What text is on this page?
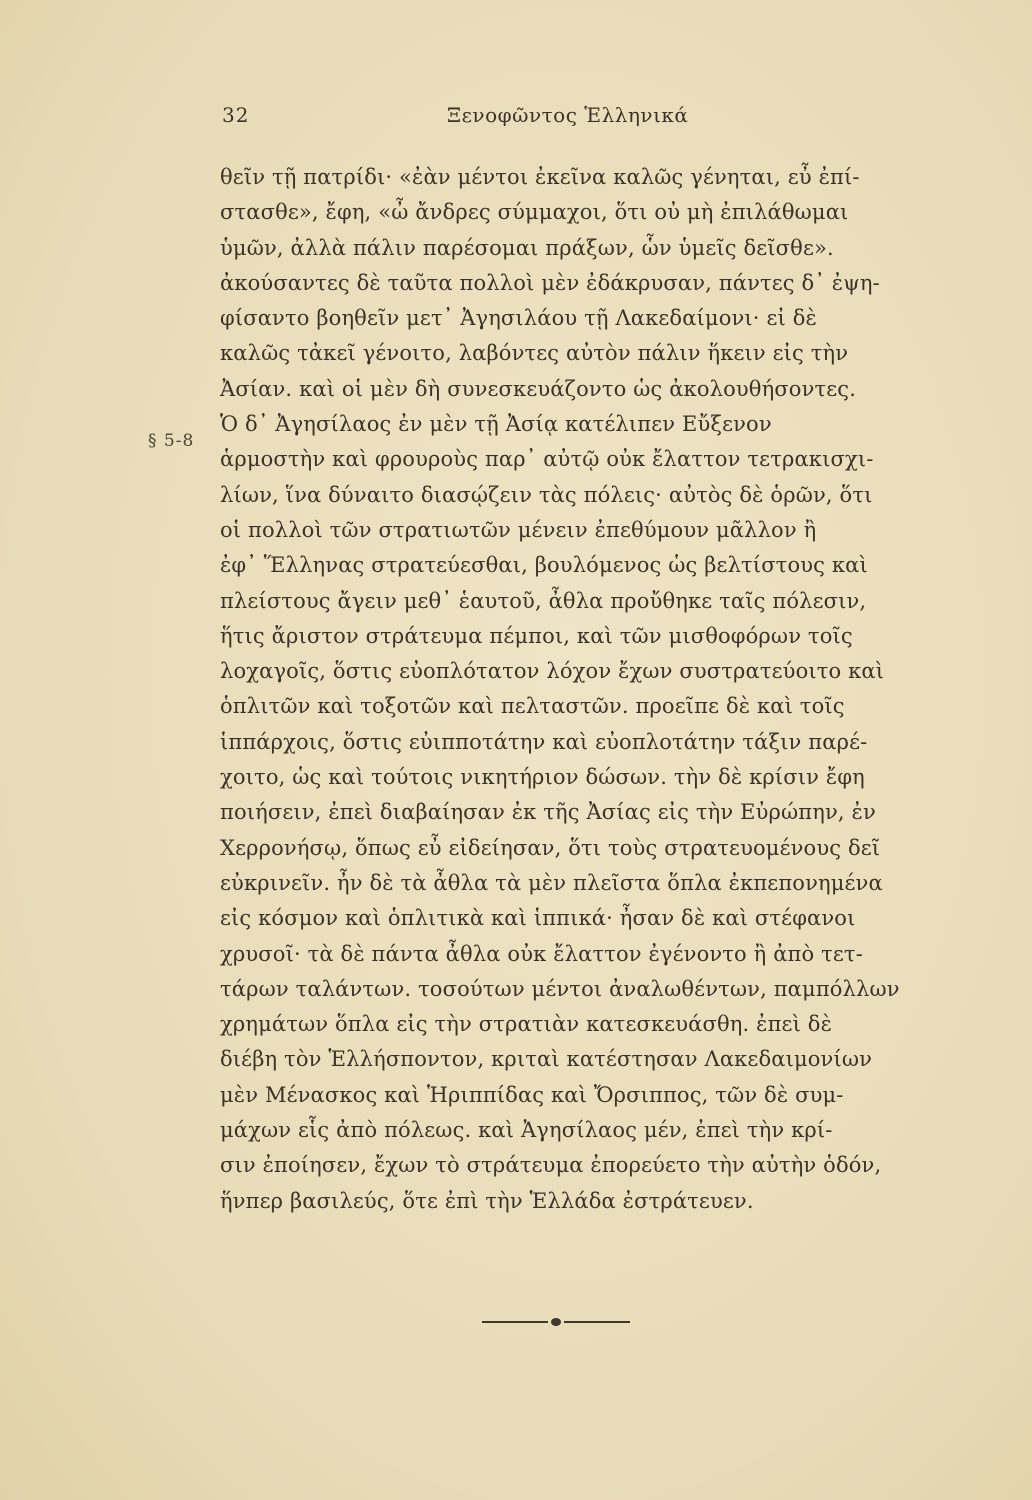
32	Ξενοφῶντος Ἑλληνικά
§ 5-8
θεῖν τῇ πατρίδι· «ἐὰν μέντοι ἐκεῖνα καλῶς γένηται, εὖ ἐπί-
στασθε», ἔφη, «ὦ ἄνδρες σύμμαχοι, ὅτι οὐ μὴ ἐπιλάθωμαι
ὑμῶν, ἀλλὰ πάλιν παρέσομαι πράξων, ὧν ὑμεῖς δεῖσθε».
ἀκούσαντες δὲ ταῦτα πολλοὶ μὲν ἐδάκρυσαν, πάντες δ᾽ ἐψη-
φίσαντο βοηθεῖν μετ᾽ Ἀγησιλάου τῇ Λακεδαίμονι· εἰ δὲ
καλῶς τἀκεῖ γένοιτο, λαβόντες αὐτὸν πάλιν ἥκειν εἰς τὴν
Ἀσίαν. καὶ οἱ μὲν δὴ συνεσκευάζοντο ὡς ἀκολουθήσοντες.
Ὁ δ᾽ Ἀγησίλαος ἐν μὲν τῇ Ἀσίᾳ κατέλιπεν Εὔξενον
ἁρμοστὴν καὶ φρουροὺς παρ᾽ αὐτῷ οὐκ ἔλαττον τετρακισχι-
λίων, ἵνα δύναιτο διασῴζειν τὰς πόλεις· αὐτὸς δὲ ὁρῶν, ὅτι
οἱ πολλοὶ τῶν στρατιωτῶν μένειν ἐπεθύμουν μᾶλλον ἢ
ἐφ᾽ Ἕλληνας στρατεύεσθαι, βουλόμενος ὡς βελτίστους καὶ
πλείστους ἄγειν μεθ᾽ ἑαυτοῦ, ἆθλα προὔθηκε ταῖς πόλεσιν,
ἥτις ἄριστον στράτευμα πέμποι, καὶ τῶν μισθοφόρων τοῖς
λοχαγοῖς, ὅστις εὐοπλότατον λόχον ἔχων συστρατεύοιτο καὶ
ὁπλιτῶν καὶ τοξοτῶν καὶ πελταστῶν. προεῖπε δὲ καὶ τοῖς
ἱππάρχοις, ὅστις εὐιπποτάτην καὶ εὐοπλοτάτην τάξιν παρέ-
χοιτο, ὡς καὶ τούτοις νικητήριον δώσων. τὴν δὲ κρίσιν ἔφη
ποιήσειν, ἐπεὶ διαβαίησαν ἐκ τῆς Ἀσίας εἰς τὴν Εὐρώπην, ἐν
Χερρονήσῳ, ὅπως εὖ εἰδείησαν, ὅτι τοὺς στρατευομένους δεῖ
εὐκρινεῖν. ἦν δὲ τὰ ἆθλα τὰ μὲν πλεῖστα ὅπλα ἐκπεπονημένα
εἰς κόσμον καὶ ὁπλιτικὰ καὶ ἱππικά· ἦσαν δὲ καὶ στέφανοι
χρυσοῖ· τὰ δὲ πάντα ἆθλα οὐκ ἔλαττον ἐγένοντο ἢ ἀπὸ τετ-
τάρων ταλάντων. τοσούτων μέντοι ἀναλωθέντων, παμπόλλων
χρημάτων ὅπλα εἰς τὴν στρατιὰν κατεσκευάσθη. ἐπεὶ δὲ
διέβη τὸν Ἑλλήσποντον, κριταὶ κατέστησαν Λακεδαιμονίων
μὲν Μένασκος καὶ Ἡριππίδας καὶ Ὄρσιππος, τῶν δὲ συμ-
μάχων εἷς ἀπὸ πόλεως. καὶ Ἀγησίλαος μέν, ἐπεὶ τὴν κρί-
σιν ἐποίησεν, ἔχων τὸ στράτευμα ἐπορεύετο τὴν αὐτὴν ὁδόν,
ἥνπερ βασιλεύς, ὅτε ἐπὶ τὴν Ἑλλάδα ἐστράτευεν.
